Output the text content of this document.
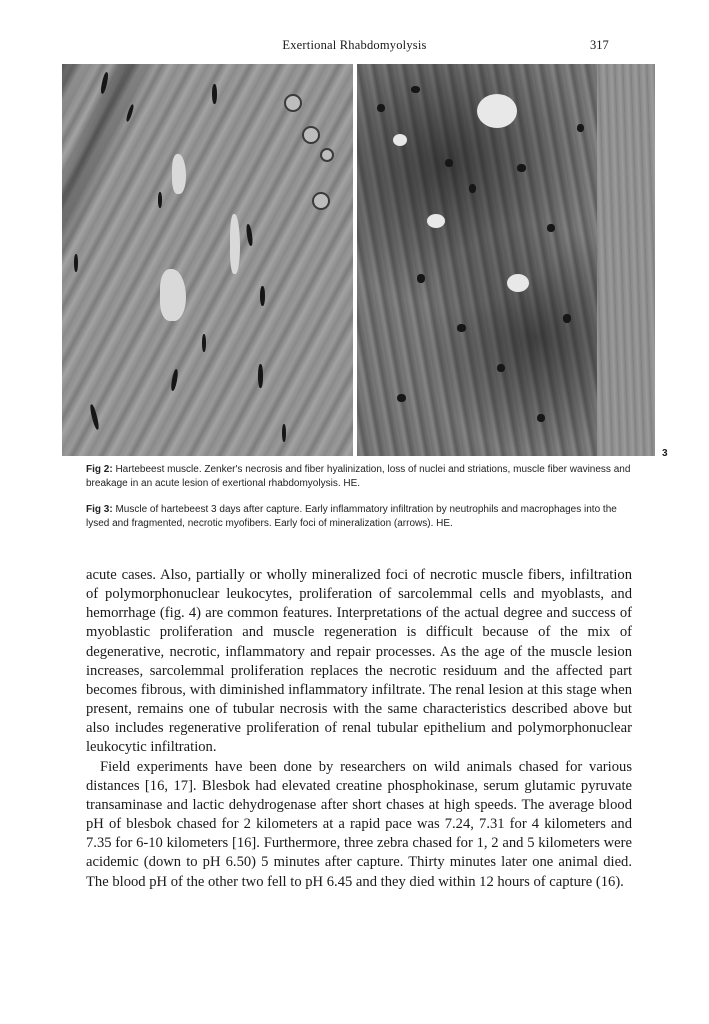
Exertional Rhabdomyolysis	317
3
Fig 2: Hartebeest muscle. Zenker's necrosis and fiber hyalinization, loss of nuclei and striations, muscle fiber waviness and breakage in an acute lesion of exertional rhabdomyolysis. HE.
Fig 3: Muscle of hartebeest 3 days after capture. Early inflammatory infiltration by neutrophils and macrophages into the lysed and fragmented, necrotic myofibers. Early foci of mineralization (arrows). HE.

acute cases. Also, partially or wholly mineralized foci of necrotic muscle fibers, infiltration of polymorphonuclear leukocytes, proliferation of sarcolemmal cells and myoblasts, and hemorrhage (fig. 4) are common features. Interpretations of the actual degree and success of myoblastic proliferation and muscle regeneration is difficult because of the mix of degenerative, necrotic, inflammatory and repair processes. As the age of the muscle lesion increases, sarcolemmal proliferation replaces the necrotic residuum and the affected part becomes fibrous, with diminished inflammatory infiltrate. The renal lesion at this stage when present, remains one of tubular necrosis with the same characteristics described above but also includes regenerative proliferation of renal tubular epithelium and polymorphonuclear leukocytic infiltration.

Field experiments have been done by researchers on wild animals chased for various distances [16, 17]. Blesbok had elevated creatine phosphokinase, serum glutamic pyruvate transaminase and lactic dehydrogenase after short chases at high speeds. The average blood pH of blesbok chased for 2 kilometers at a rapid pace was 7.24, 7.31 for 4 kilometers and 7.35 for 6-10 kilometers [16]. Furthermore, three zebra chased for 1, 2 and 5 kilometers were acidemic (down to pH 6.50) 5 minutes after capture. Thirty minutes later one animal died. The blood pH of the other two fell to pH 6.45 and they died within 12 hours of capture (16).
